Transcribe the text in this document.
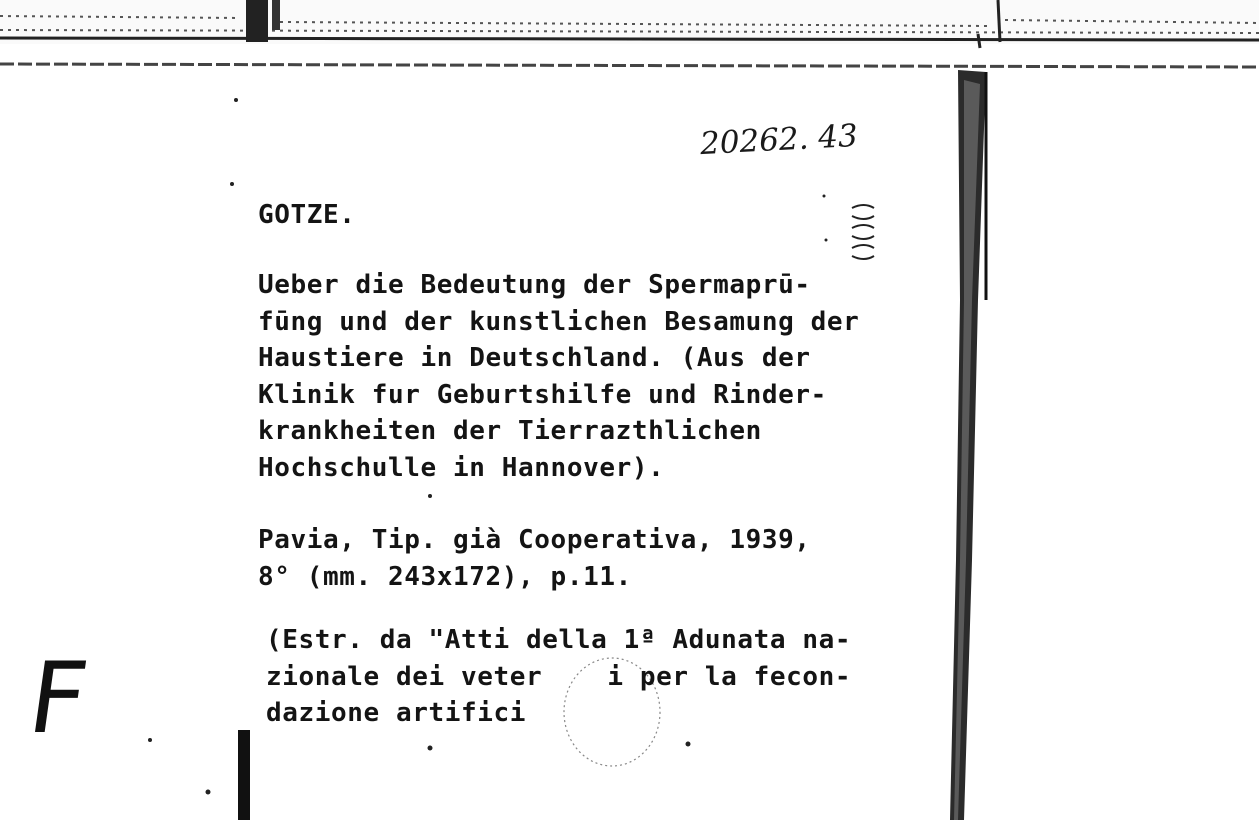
20262. 43

GOTZE.
Ueber die Bedeutung der Spermaprū-
fūng und der kunstlichen Besamung der
Haustiere in Deutschland. (Aus der
Klinik fur Geburtshilfe und Rinder-
krankheiten der Tierrazthlichen
Hochschulle in Hannover).
Pavia, Tip. già Cooperativa, 1939,
8° (mm. 243x172), p.11.
(Estr. da "Atti della 1ª Adunata na-
zionale dei veter    i per la fecon-
dazione artifici

F
